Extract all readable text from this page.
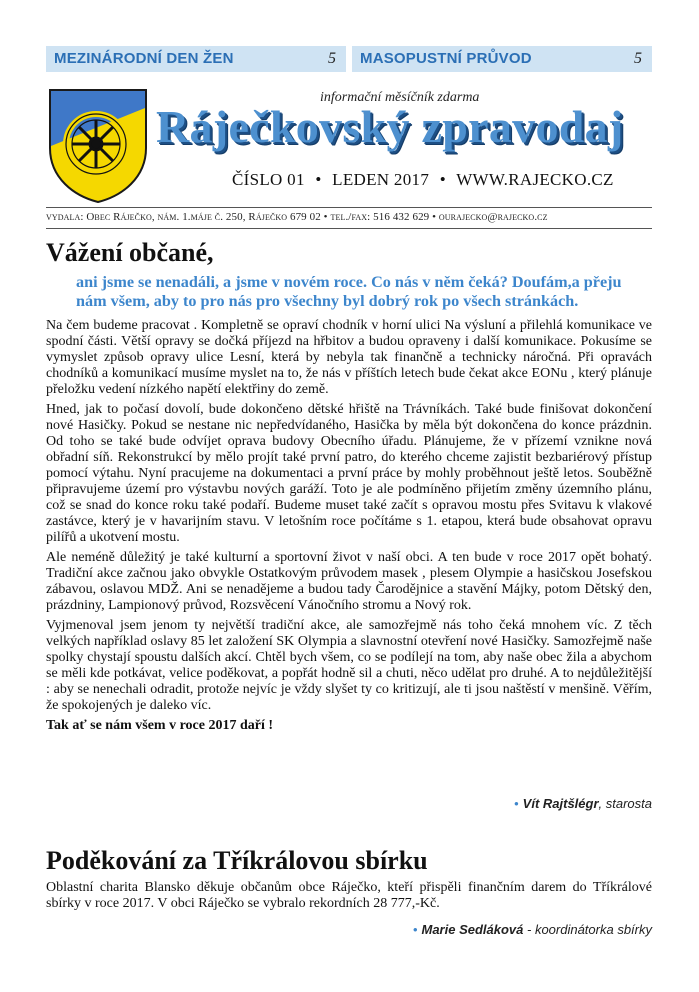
MEZINÁRODNÍ DEN ŽEN	5 MASOPUSTNÍ PRŮVOD	5
informační měsíčník zdarma
Ráječkovský zpravodaj
ČÍSLO 01 • LEDEN 2017 • WWW.RAJECKO.CZ
vydala: Obec Ráječko, nám. 1.máje č. 250, Ráječko 679 02 • tel./fax: 516 432 629 • ourajecko@rajecko.cz
Vážení občané,
ani jsme se nenadáli, a jsme v novém roce. Co nás v něm čeká? Doufám,a přeju nám všem, aby to pro nás pro všechny byl dobrý rok po všech stránkách.

Na čem budeme pracovat . Kompletně se opraví chodník v horní ulici Na výsluní a přilehlá komunikace ve spodní části. Větší opravy se dočká příjezd na hřbitov a budou opraveny i další komunikace. Pokusíme se vymyslet způsob opravy ulice Lesní, která by nebyla tak finančně a technicky náročná. Při opravách chodníků a komunikací musíme myslet na to, že nás v příštích letech bude čekat akce EONu , který plánuje přeložku vedení nízkého napětí elektřiny do země.

Hned, jak to počasí dovolí, bude dokončeno dětské hřiště na Trávníkách. Také bude finišovat dokončení nové Hasičky. Pokud se nestane nic nepředvídaného, Hasička by měla být dokončena do konce prázdnin. Od toho se také bude odvíjet oprava budovy Obecního úřadu. Plánujeme, že v přízemí vznikne nová obřadní síň. Rekonstrukcí by mělo projít také první patro, do kterého chceme zajistit bezbariérový přístup pomocí výtahu. Nyní pracujeme na dokumentaci a první práce by mohly proběhnout ještě letos. Souběžně připravujeme území pro výstavbu nových garáží. Toto je ale podmíněno přijetím změny územního plánu, což se snad do konce roku také podaří. Budeme muset také začít s opravou mostu přes Svitavu k vlakové zastávce, který je v havarijním stavu. V letošním roce počítáme s 1. etapou, která bude obsahovat opravu pilířů a ukotvení mostu.

Ale neméně důležitý je také kulturní a sportovní život v naší obci. A ten bude v roce 2017 opět bohatý. Tradiční akce začnou jako obvykle Ostatkovým průvodem masek , plesem Olympie a hasičskou Josefskou zábavou, oslavou MDŽ. Ani se nenadějeme a budou tady Čarodějnice a stavění Májky, potom Dětský den, prázdniny, Lampionový průvod, Rozsvěcení Vánočního stromu a Nový rok.

Vyjmenoval jsem jenom ty největší tradiční akce, ale samozřejmě nás toho čeká mnohem víc. Z těch velkých například oslavy 85 let založení SK Olympia a slavnostní otevření nové Hasičky. Samozřejmě naše spolky chystají spoustu dalších akcí. Chtěl bych všem, co se podílejí na tom, aby naše obec žila a abychom se měli kde potkávat, velice poděkovat, a popřát hodně sil a chuti, něco udělat pro druhé. A to nejdůležitější : aby se nenechali odradit, protože nejvíc je vždy slyšet ty co kritizují, ale ti jsou naštěstí v menšině. Věřím, že spokojených je daleko víc.

Tak ať se nám všem v roce 2017 daří !

• Vít Rajtšlégr, starosta
Poděkování za Tříkrálovou sbírku

Oblastní charita Blansko děkuje občanům obce Ráječko, kteří přispěli finančním darem do Tříkrálové sbírky v roce 2017. V obci Ráječko se vybralo rekordních 28 777,-Kč.

• Marie Sedláková - koordinátorka sbírky
